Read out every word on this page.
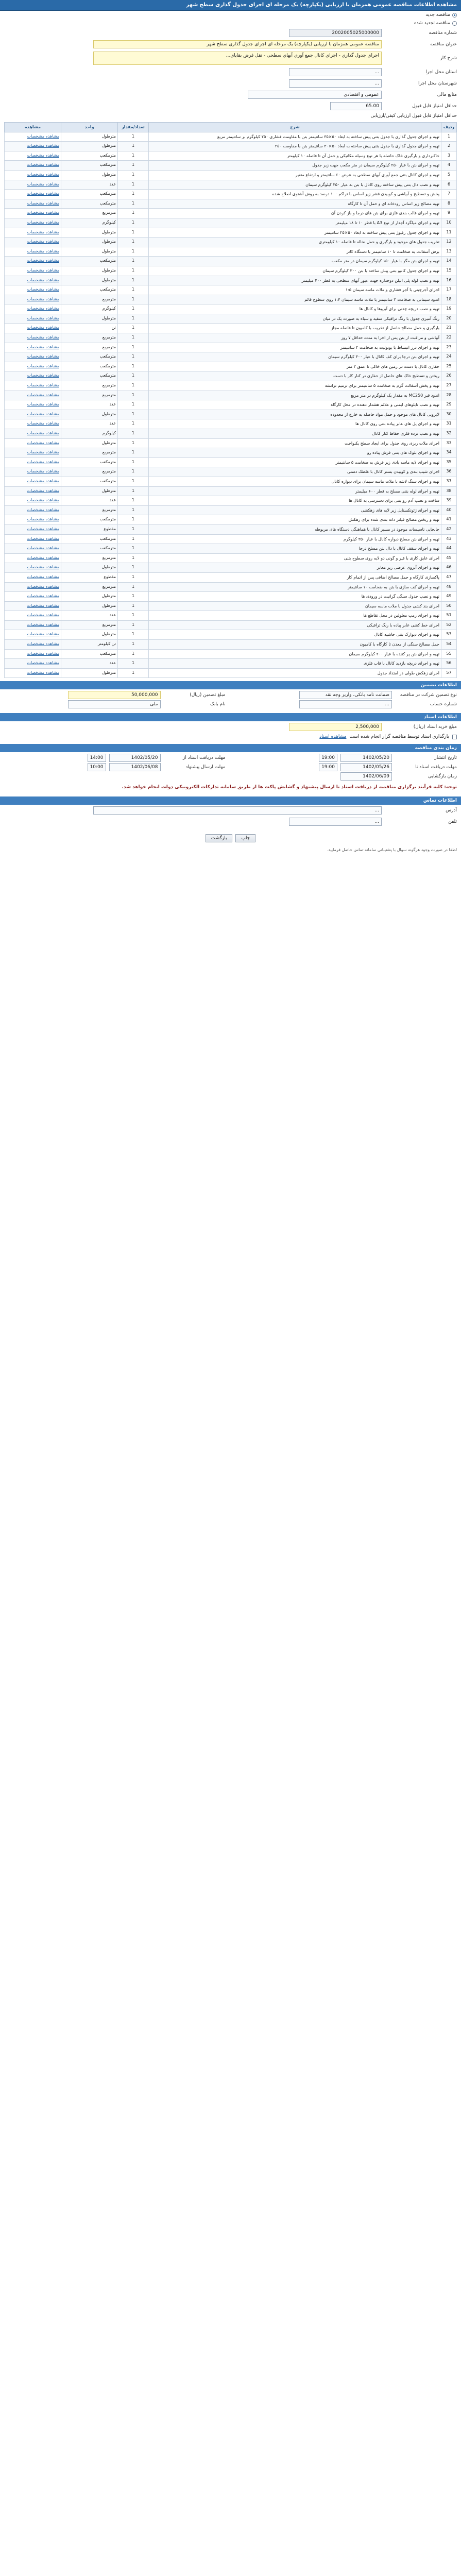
مشاهده اطلاعات مناقصه عمومی همزمان با ارزیابی (یکپارچه) یک مرحله ای اجرای جدول گذاری سطح شهر
مناقصه جدید
مناقصه تجدید شده
شماره مناقصه
2002005025000000
عنوان مناقصه
مناقصه عمومی همزمان با ارزیابی (یکپارچه) یک مرحله ای اجرای جدول گذاری سطح شهر
شرح کار
اجرای جدول گذاری - اجرای کانال جمع آوری آبهای سطحی - نقل قرض بقایای...
استان محل اجرا
...
شهرستان محل اجرا
...
منابع مالی
عمومی و اقتصادی
حداقل امتیاز قابل قبول
65.00
حداقل امتیاز قابل قبول ارزیابی کیفی/ارزیابی
ردیف	شرح	تعداد/مقدار	واحد	مشاهده
1	تهیه و اجرای جدول گذاری با جدول بتنی پیش ساخته به ابعاد ۵۰×۳۵ سانتیمتر بتن با مقاومت فشاری ۲۵۰ کیلوگرم بر سانتیمتر مربع	1	مترطول	مشاهده مشخصات

2	تهیه و اجرای جدول گذاری با جدول بتنی پیش ساخته به ابعاد ۵۰×۳۰ سانتیمتر بتن با مقاومت ۲۵۰	1	مترطول	مشاهده مشخصات

3	خاکبرداری و بارگیری خاک حاصله با هر نوع وسیله مکانیکی و حمل آن تا فاصله ۱۰ کیلومتر	1	مترمکعب	مشاهده مشخصات

4	تهیه و اجرای بتن با عیار ۲۵۰ کیلوگرم سیمان در متر مکعب جهت زیر جدول	1	مترمکعب	مشاهده مشخصات

5	تهیه و اجرای کانال بتنی جمع آوری آبهای سطحی به عرض ۶۰ سانتیمتر و ارتفاع متغیر	1	مترطول	مشاهده مشخصات

6	تهیه و نصب دال بتنی پیش ساخته روی کانال با بتن به عیار ۳۵۰ کیلوگرم سیمان	1	عدد	مشاهده مشخصات

7	پخش و تسطیح و آبپاشی و کوبیدن قشر زیر اساس با تراکم ۱۰۰ درصد به روش آشتوی اصلاح شده	1	مترمکعب	مشاهده مشخصات

8	تهیه مصالح زیر اساس رودخانه ای و حمل آن تا کارگاه	1	مترمکعب	مشاهده مشخصات

9	تهیه و اجرای قالب بندی فلزی برای بتن های درجا و باز کردن آن	1	مترمربع	مشاهده مشخصات

10	تهیه و اجرای میلگرد آجدار از نوع A3 با قطر ۱۰ تا ۱۸ میلیمتر	1	کیلوگرم	مشاهده مشخصات

11	تهیه و اجرای جدول رفیوژ بتنی پیش ساخته به ابعاد ۵۰×۲۵ سانتیمتر	1	مترطول	مشاهده مشخصات

12	تخریب جدول های موجود و بارگیری و حمل نخاله تا فاصله ۱۰ کیلومتری	1	مترطول	مشاهده مشخصات

13	برش آسفالت به ضخامت تا ۱۰ سانتیمتر با دستگاه کاتر	1	مترطول	مشاهده مشخصات

14	تهیه و اجرای بتن مگر با عیار ۱۵۰ کیلوگرم سیمان در متر مکعب	1	مترمکعب	مشاهده مشخصات

15	تهیه و اجرای جدول کانیو بتنی پیش ساخته با بتن ۳۰۰ کیلوگرم سیمان	1	مترطول	مشاهده مشخصات

16	تهیه و نصب لوله پلی اتیلن دوجداره جهت عبور آبهای سطحی به قطر ۴۰۰ میلیمتر	1	مترطول	مشاهده مشخصات

17	اجرای آجرچینی با آجر فشاری و ملات ماسه سیمان ۱:۵	1	مترمکعب	مشاهده مشخصات

18	اندود سیمانی به ضخامت ۲ سانتیمتر با ملات ماسه سیمان ۱:۴ روی سطوح قائم	1	مترمربع	مشاهده مشخصات

19	تهیه و نصب دریچه چدنی برای آبروها و کانال ها	1	کیلوگرم	مشاهده مشخصات

20	رنگ آمیزی جدول با رنگ ترافیکی سفید و سیاه به صورت یک در میان	1	مترطول	مشاهده مشخصات

21	بارگیری و حمل مصالح حاصل از تخریب با کامیون تا فاصله مجاز	1	تن	مشاهده مشخصات

22	آبپاشی و مراقبت از بتن پس از اجرا به مدت حداقل ۷ روز	1	مترمربع	مشاهده مشخصات

23	تهیه و اجرای درز انبساط با یونولیت به ضخامت ۲ سانتیمتر	1	مترمربع	مشاهده مشخصات

24	تهیه و اجرای بتن درجا برای کف کانال با عیار ۳۰۰ کیلوگرم سیمان	1	مترمکعب	مشاهده مشخصات

25	حفاری کانال با دست در زمین های خاکی تا عمق ۲ متر	1	مترمکعب	مشاهده مشخصات

26	ریختن و تسطیح خاک های حاصل از حفاری در کنار کار با دست	1	مترمکعب	مشاهده مشخصات

27	تهیه و پخش آسفالت گرم به ضخامت ۵ سانتیمتر برای ترمیم ترانشه	1	مترمربع	مشاهده مشخصات

28	اندود قیر MC250 به مقدار یک کیلوگرم در متر مربع	1	مترمربع	مشاهده مشخصات

29	تهیه و نصب تابلوهای ایمنی و علائم هشدار دهنده در محل کارگاه	1	عدد	مشاهده مشخصات

30	لایروبی کانال های موجود و حمل مواد حاصله به خارج از محدوده	1	مترطول	مشاهده مشخصات

31	تهیه و اجرای پل های عابر پیاده بتنی روی کانال ها	1	عدد	مشاهده مشخصات

32	تهیه و نصب نرده فلزی حفاظ کنار کانال	1	کیلوگرم	مشاهده مشخصات

33	اجرای ملات ریزی روی جدول برای ایجاد سطح یکنواخت	1	مترطول	مشاهده مشخصات

34	تهیه و اجرای بلوک های بتنی فرش پیاده رو	1	مترمربع	مشاهده مشخصات

35	تهیه و اجرای لایه ماسه بادی زیر فرش به ضخامت ۵ سانتیمتر	1	مترمکعب	مشاهده مشخصات

36	اجرای شیب بندی و کوبیدن بستر کانال با غلطک دستی	1	مترمربع	مشاهده مشخصات

37	تهیه و اجرای سنگ لاشه با ملات ماسه سیمان برای دیواره کانال	1	مترمکعب	مشاهده مشخصات

38	تهیه و اجرای لوله بتنی مسلح به قطر ۶۰۰ میلیمتر	1	مترطول	مشاهده مشخصات

39	ساخت و نصب آدم رو بتنی برای دسترسی به کانال ها	1	عدد	مشاهده مشخصات

40	تهیه و اجرای ژئوتکستایل زیر لایه های زهکشی	1	مترمربع	مشاهده مشخصات

41	تهیه و ریختن مصالح فیلتر دانه بندی شده برای زهکش	1	مترمکعب	مشاهده مشخصات

42	جابجایی تاسیسات موجود در مسیر کانال با هماهنگی دستگاه های مربوطه	1	مقطوع	مشاهده مشخصات

43	تهیه و اجرای بتن مسلح دیواره کانال با عیار ۳۵۰ کیلوگرم	1	مترمکعب	مشاهده مشخصات

44	تهیه و اجرای سقف کانال با دال بتن مسلح درجا	1	مترمکعب	مشاهده مشخصات

45	اجرای عایق کاری با قیر و گونی دو لایه روی سطوح بتنی	1	مترمربع	مشاهده مشخصات

46	تهیه و اجرای آبروی عرضی زیر معابر	1	مترطول	مشاهده مشخصات

47	پاکسازی کارگاه و حمل مصالح اضافی پس از اتمام کار	1	مقطوع	مشاهده مشخصات

48	تهیه و اجرای کف سازی با بتن به ضخامت ۱۰ سانتیمتر	1	مترمربع	مشاهده مشخصات

49	تهیه و نصب جدول سنگی گرانیت در ورودی ها	1	مترطول	مشاهده مشخصات

50	اجرای بند کشی جدول با ملات ماسه سیمان	1	مترطول	مشاهده مشخصات

51	تهیه و اجرای رمپ معلولین در محل تقاطع ها	1	عدد	مشاهده مشخصات

52	اجرای خط کشی عابر پیاده با رنگ ترافیکی	1	مترمربع	مشاهده مشخصات

53	تهیه و اجرای دیوارک بتنی حاشیه کانال	1	مترطول	مشاهده مشخصات

54	حمل مصالح سنگی از معدن تا کارگاه با کامیون	1	تن کیلومتر	مشاهده مشخصات

55	تهیه و اجرای بتن پر کننده با عیار ۲۰۰ کیلوگرم سیمان	1	مترمکعب	مشاهده مشخصات

56	تهیه و اجرای دریچه بازدید کانال با قاب فلزی	1	عدد	مشاهده مشخصات

57	اجرای زهکش طولی در امتداد جدول	1	مترطول	مشاهده مشخصات
اطلاعات تضمین
نوع تضمین شرکت در مناقصه
ضمانت نامه بانکی، واریز وجه نقد
مبلغ تضمین (ریال)
50,000,000
شماره حساب
...
نام بانک
ملی
اطلاعات اسناد
مبلغ خرید اسناد (ریال)
2,500,000
بارگذاری اسناد توسط مناقصه گزار انجام شده است
مشاهده اسناد
زمان بندی مناقصه
تاریخ انتشار
1402/05/20
19:00
مهلت دریافت اسناد از
1402/05/20
14:00
مهلت دریافت اسناد تا
1402/05/26
19:00
مهلت ارسال پیشنهاد
1402/06/08
10:00
زمان بازگشایی
1402/06/09
توجه: کلیه فرآیند برگزاری مناقصه از دریافت اسناد تا ارسال پیشنهاد و گشایش پاکت ها از طریق سامانه تدارکات الکترونیکی دولت انجام خواهد شد.
اطلاعات تماس
آدرس
...
تلفن
...
چاپ
بازگشت
لطفا در صورت وجود هرگونه سوال با پشتیبانی سامانه تماس حاصل فرمایید.
